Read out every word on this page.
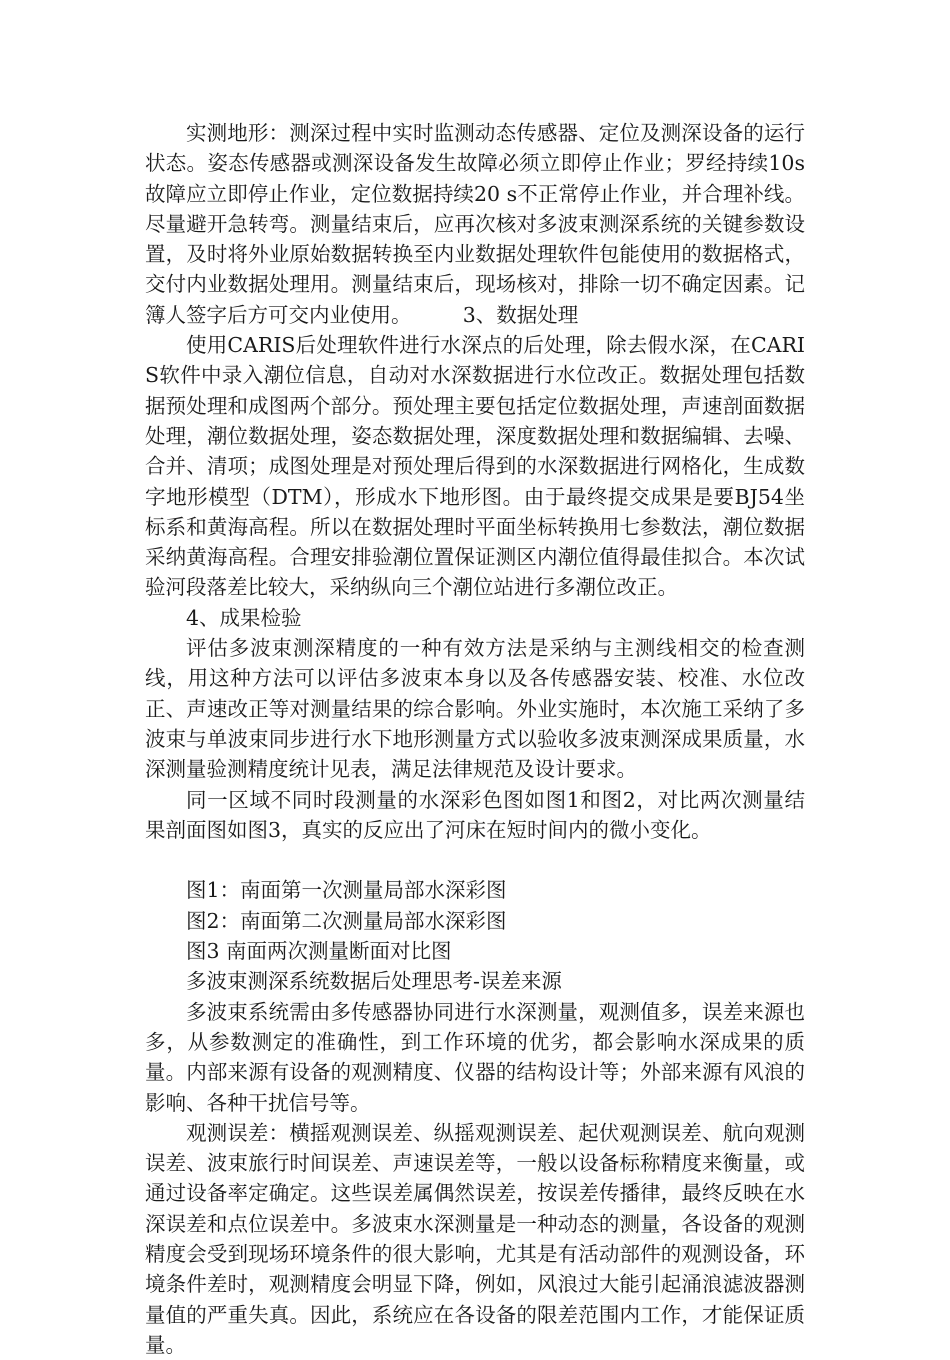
实测地形：测深过程中实时监测动态传感器、定位及测深设备的运行状态。姿态传感器或测深设备发生故障必须立即停止作业；罗经持续10s故障应立即停止作业，定位数据持续20 s不正常停止作业，并合理补线。尽量避开急转弯。测量结束后，应再次核对多波束测深系统的关键参数设置，及时将外业原始数据转换至内业数据处理软件包能使用的数据格式，交付内业数据处理用。测量结束后，现场核对，排除一切不确定因素。记簿人签字后方可交内业使用。　　　3、数据处理

使用CARIS后处理软件进行水深点的后处理，除去假水深，在CARIS软件中录入潮位信息，自动对水深数据进行水位改正。数据处理包括数据预处理和成图两个部分。预处理主要包括定位数据处理，声速剖面数据处理，潮位数据处理，姿态数据处理，深度数据处理和数据编辑、去噪、合并、清项；成图处理是对预处理后得到的水深数据进行网格化，生成数字地形模型（DTM），形成水下地形图。由于最终提交成果是要BJ54坐标系和黄海高程。所以在数据处理时平面坐标转换用七参数法，潮位数据采纳黄海高程。合理安排验潮位置保证测区内潮位值得最佳拟合。本次试验河段落差比较大，采纳纵向三个潮位站进行多潮位改正。

4、成果检验

评估多波束测深精度的一种有效方法是采纳与主测线相交的检查测线，用这种方法可以评估多波束本身以及各传感器安装、校准、水位改正、声速改正等对测量结果的综合影响。外业实施时，本次施工采纳了多波束与单波束同步进行水下地形测量方式以验收多波束测深成果质量，水深测量验测精度统计见表，满足法律规范及设计要求。

同一区域不同时段测量的水深彩色图如图1和图2，对比两次测量结果剖面图如图3，真实的反应出了河床在短时间内的微小变化。

图1：南面第一次测量局部水深彩图

图2：南面第二次测量局部水深彩图

图3 南面两次测量断面对比图

多波束测深系统数据后处理思考-误差来源

多波束系统需由多传感器协同进行水深测量，观测值多，误差来源也多，从参数测定的准确性，到工作环境的优劣，都会影响水深成果的质量。内部来源有设备的观测精度、仪器的结构设计等；外部来源有风浪的影响、各种干扰信号等。

观测误差：横摇观测误差、纵摇观测误差、起伏观测误差、航向观测误差、波束旅行时间误差、声速误差等，一般以设备标称精度来衡量，或通过设备率定确定。这些误差属偶然误差，按误差传播律，最终反映在水深误差和点位误差中。多波束水深测量是一种动态的测量，各设备的观测精度会受到现场环境条件的很大影响，尤其是有活动部件的观测设备，环境条件差时，观测精度会明显下降，例如，风浪过大能引起涌浪滤波器测量值的严重失真。因此，系统应在各设备的限差范围内工作，才能保证质量。
